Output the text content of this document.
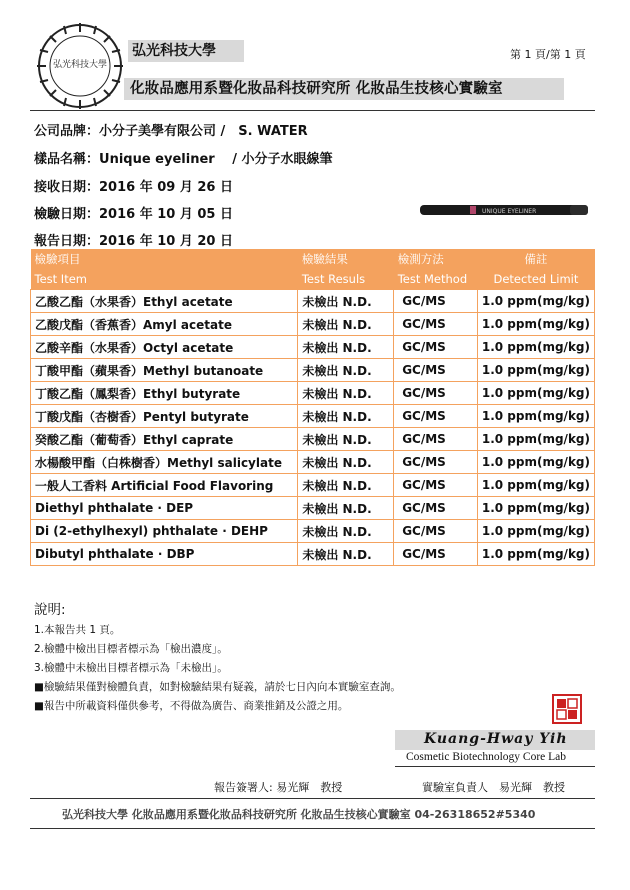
弘光科技大學
弘光科技大學	第 1 頁/第 1 頁
化妝品應用系暨化妝品科技研究所 化妝品生技核心實驗室
公司品牌：小分子美學有限公司 /　S. WATER
樣品名稱：Unique eyeliner　 / 小分子水眼線筆
接收日期：2016 年 09 月 26 日
檢驗日期：2016 年 10 月 05 日
報告日期：2016 年 10 月 20 日
UNIQUE EYELINER
檢驗項目	檢驗結果	檢測方法	備註
Test Item	Test Resuls	Test Method	Detected Limit
乙酸乙酯（水果香）Ethyl acetate	未檢出 N.D.	GC/MS	1.0 ppm(mg/kg)
乙酸戊酯（香蕉香）Amyl acetate	未檢出 N.D.	GC/MS	1.0 ppm(mg/kg)
乙酸辛酯（水果香）Octyl acetate	未檢出 N.D.	GC/MS	1.0 ppm(mg/kg)
丁酸甲酯（蘋果香）Methyl butanoate	未檢出 N.D.	GC/MS	1.0 ppm(mg/kg)
丁酸乙酯（鳳梨香）Ethyl butyrate	未檢出 N.D.	GC/MS	1.0 ppm(mg/kg)
丁酸戊酯（杏樹香）Pentyl butyrate	未檢出 N.D.	GC/MS	1.0 ppm(mg/kg)
癸酸乙酯（葡萄香）Ethyl caprate	未檢出 N.D.	GC/MS	1.0 ppm(mg/kg)
水楊酸甲酯（白株樹香）Methyl salicylate	未檢出 N.D.	GC/MS	1.0 ppm(mg/kg)
一般人工香料 Artificial Food Flavoring	未檢出 N.D.	GC/MS	1.0 ppm(mg/kg)
Diethyl phthalate · DEP	未檢出 N.D.	GC/MS	1.0 ppm(mg/kg)
Di (2-ethylhexyl) phthalate · DEHP	未檢出 N.D.	GC/MS	1.0 ppm(mg/kg)
Dibutyl phthalate · DBP	未檢出 N.D.	GC/MS	1.0 ppm(mg/kg)
說明:
1.本報告共 1 頁。
2.檢體中檢出目標者標示為「檢出濃度」。
3.檢體中未檢出目標者標示為「未檢出」。
■檢驗結果僅對檢體負責，如對檢驗結果有疑義，請於七日內向本實驗室查詢。
■報告中所載資料僅供參考，不得做為廣告、商業推銷及公證之用。
Kuang-Hway Yih
Cosmetic Biotechnology Core Lab
報告簽署人: 易光輝　教授	實驗室負責人　易光輝　教授
弘光科技大學 化妝品應用系暨化妝品科技研究所 化妝品生技核心實驗室 04-26318652#5340
